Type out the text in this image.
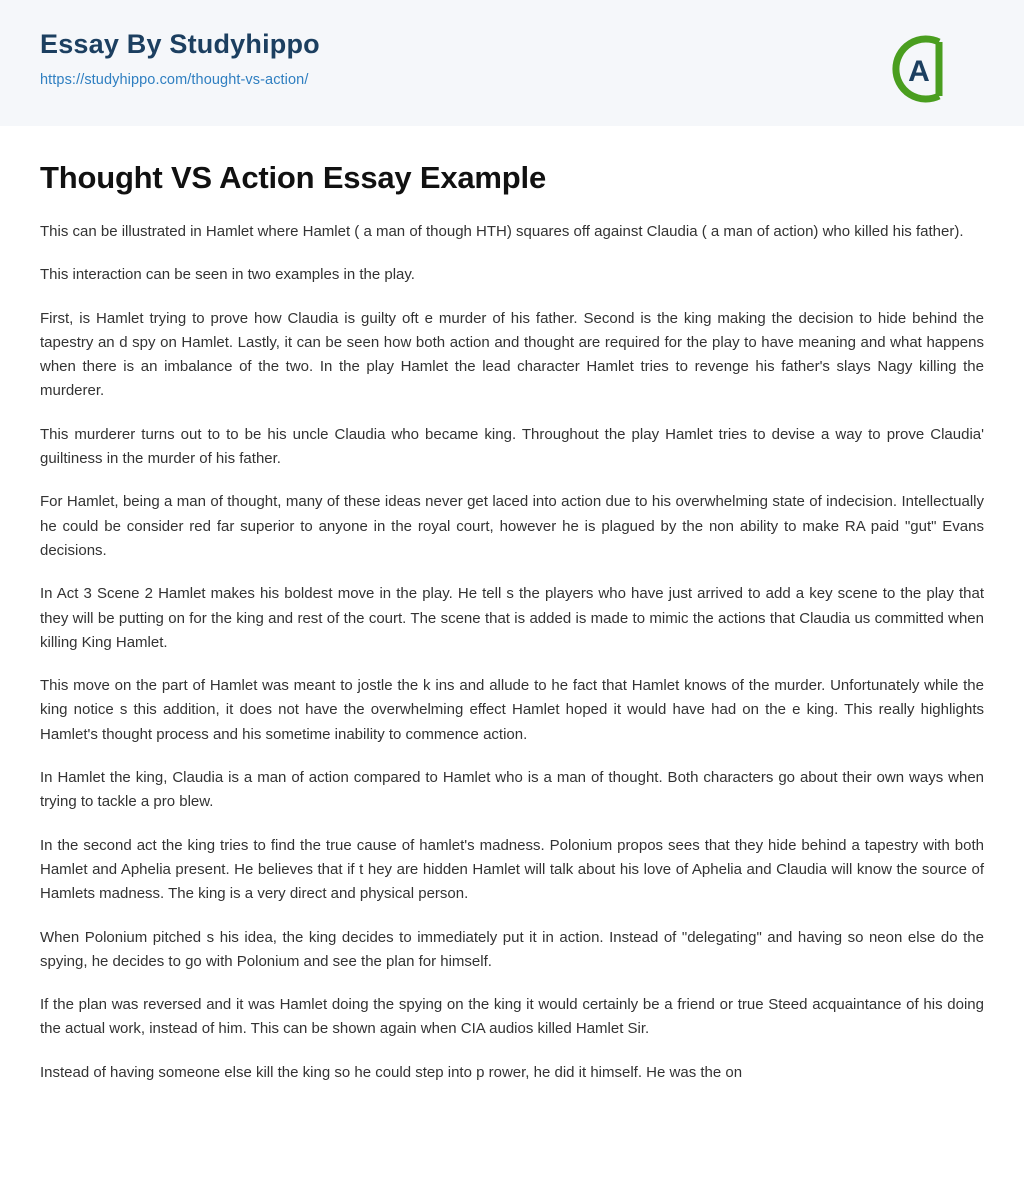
Essay By Studyhippo
https://studyhippo.com/thought-vs-action/	A
Thought VS Action Essay Example

This can be illustrated in Hamlet where Hamlet ( a man of though HTH) squares off against Claudia ( a man of action) who killed his father).

This interaction can be seen in two examples in the play.

First, is Hamlet trying to prove how Claudia is guilty oft e murder of his father. Second is the king making the decision to hide behind the tapestry an d spy on Hamlet. Lastly, it can be seen how both action and thought are required for the play to have meaning and what happens when there is an imbalance of the two. In the play Hamlet the lead character Hamlet tries to revenge his father's slays Nagy killing the murderer.

This murderer turns out to to be his uncle Claudia who became king. Throughout the play Hamlet tries to devise a way to prove Claudia' guiltiness in the murder of his father.

For Hamlet, being a man of thought, many of these ideas never get laced into action due to his overwhelming state of indecision. Intellectually he could be consider red far superior to anyone in the royal court, however he is plagued by the non ability to make RA paid "gut" Evans decisions.

In Act 3 Scene 2 Hamlet makes his boldest move in the play. He tell s the players who have just arrived to add a key scene to the play that they will be putting on for the king and rest of the court. The scene that is added is made to mimic the actions that Claudia us committed when killing King Hamlet.

This move on the part of Hamlet was meant to jostle the k ins and allude to he fact that Hamlet knows of the murder. Unfortunately while the king notice s this addition, it does not have the overwhelming effect Hamlet hoped it would have had on the e king. This really highlights Hamlet's thought process and his sometime inability to commence action.

In Hamlet the king, Claudia is a man of action compared to Hamlet who is a man of thought. Both characters go about their own ways when trying to tackle a pro blew.

In the second act the king tries to find the true cause of hamlet's madness. Polonium propos sees that they hide behind a tapestry with both Hamlet and Aphelia present. He believes that if t hey are hidden Hamlet will talk about his love of Aphelia and Claudia will know the source of Hamlets madness. The king is a very direct and physical person.

When Polonium pitched s his idea, the king decides to immediately put it in action. Instead of "delegating" and having so neon else do the spying, he decides to go with Polonium and see the plan for himself.

If the plan was reversed and it was Hamlet doing the spying on the king it would certainly be a friend or true Steed acquaintance of his doing the actual work, instead of him. This can be shown again when CIA audios killed Hamlet Sir.

Instead of having someone else kill the king so he could step into p rower, he did it himself. He was the on
